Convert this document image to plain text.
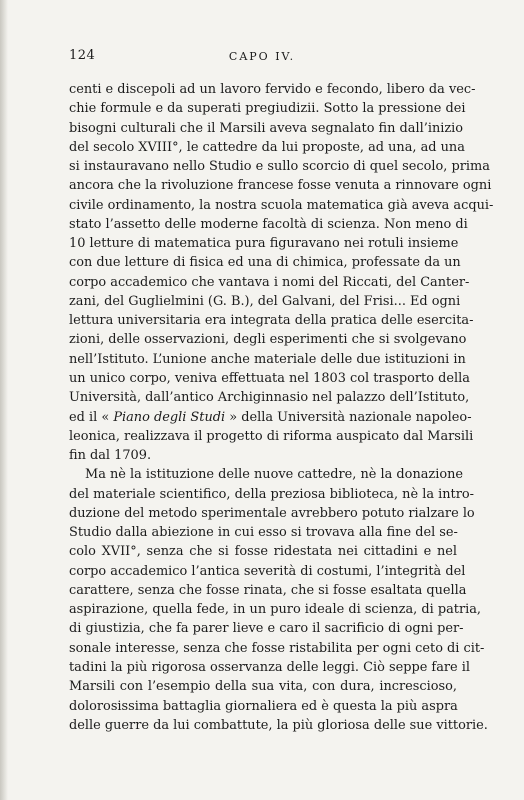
124	CAPO IV.
centi e discepoli ad un lavoro fervido e fecondo, libero da vec-
chie formule e da superati pregiudizii. Sotto la pressione dei
bisogni culturali che il Marsili aveva segnalato fin dall’inizio
del secolo XVIII°, le cattedre da lui proposte, ad una, ad una
si instauravano nello Studio e sullo scorcio di quel secolo, prima
ancora che la rivoluzione francese fosse venuta a rinnovare ogni
civile ordinamento, la nostra scuola matematica già aveva acqui-
stato l’assetto delle moderne facoltà di scienza. Non meno di
10 letture di matematica pura figuravano nei rotuli insieme
con due letture di fisica ed una di chimica, professate da un
corpo accademico che vantava i nomi del Riccati, del Canter-
zani, del Guglielmini (G. B.), del Galvani, del Frisi... Ed ogni
lettura universitaria era integrata della pratica delle esercita-
zioni, delle osservazioni, degli esperimenti che si svolgevano
nell’Istituto. L’unione anche materiale delle due istituzioni in
un unico corpo, veniva effettuata nel 1803 col trasporto della
Università, dall’antico Archiginnasio nel palazzo dell’Istituto,
ed il « Piano degli Studi » della Università nazionale napoleo-
leonica, realizzava il progetto di riforma auspicato dal Marsili
fin dal 1709.
Ma nè la istituzione delle nuove cattedre, nè la donazione
del materiale scientifico, della preziosa biblioteca, nè la intro-
duzione del metodo sperimentale avrebbero potuto rialzare lo
Studio dalla abiezione in cui esso si trovava alla fine del se-
colo XVII°, senza che si fosse ridestata nei cittadini e nel
corpo accademico l’antica severità di costumi, l’integrità del
carattere, senza che fosse rinata, che si fosse esaltata quella
aspirazione, quella fede, in un puro ideale di scienza, di patria,
di giustizia, che fa parer lieve e caro il sacrificio di ogni per-
sonale interesse, senza che fosse ristabilita per ogni ceto di cit-
tadini la più rigorosa osservanza delle leggi. Ciò seppe fare il
Marsili con l’esempio della sua vita, con dura, increscioso,
dolorosissima battaglia giornaliera ed è questa la più aspra
delle guerre da lui combattute, la più gloriosa delle sue vittorie.
